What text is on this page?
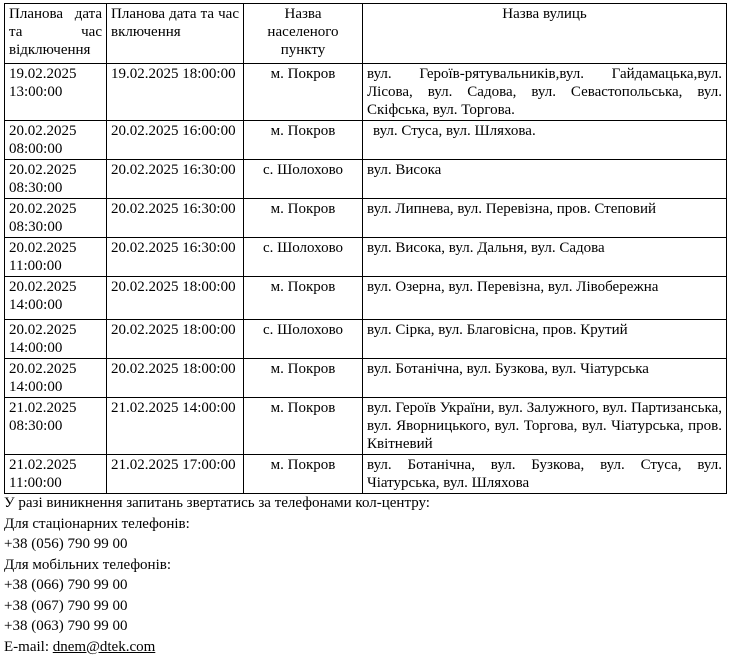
Планова дата та час відключення	Планова дата та час включення	Назва населеного пункту	Назва вулиць
19.02.2025 13:00:00	19.02.2025 18:00:00	м. Покров	вул. Героїв-рятувальників,вул. Гайдамацька,вул. Лісова, вул. Садова, вул. Севастопольська, вул. Скіфська, вул. Торгова.
20.02.2025 08:00:00	20.02.2025 16:00:00	м. Покров	вул. Стуса, вул. Шляхова.
20.02.2025 08:30:00	20.02.2025 16:30:00	с. Шолохово	вул. Висока
20.02.2025 08:30:00	20.02.2025 16:30:00	м. Покров	вул. Липнева, вул. Перевізна, пров. Степовий
20.02.2025 11:00:00	20.02.2025 16:30:00	с. Шолохово	вул. Висока, вул. Дальня, вул. Садова
20.02.2025 14:00:00	20.02.2025 18:00:00	м. Покров	вул. Озерна, вул. Перевізна, вул. Лівобережна
20.02.2025 14:00:00	20.02.2025 18:00:00	с. Шолохово	вул. Сірка, вул. Благовісна, пров. Крутий
20.02.2025 14:00:00	20.02.2025 18:00:00	м. Покров	вул. Ботанічна, вул. Бузкова, вул. Чіатурська
21.02.2025 08:30:00	21.02.2025 14:00:00	м. Покров	вул. Героїв України, вул. Залужного, вул. Партизанська, вул. Яворницького, вул. Торгова, вул. Чіатурська, пров. Квітневий
21.02.2025 11:00:00	21.02.2025 17:00:00	м. Покров	вул. Ботанічна, вул. Бузкова, вул. Стуса, вул. Чіатурська, вул. Шляхова
У разі виникнення запитань звертатись за телефонами кол-центру:
Для стаціонарних телефонів:
+38 (056) 790 99 00
Для мобільних телефонів:
+38 (066) 790 99 00
+38 (067) 790 99 00
+38 (063) 790 99 00
E-mail: dnem@dtek.com
